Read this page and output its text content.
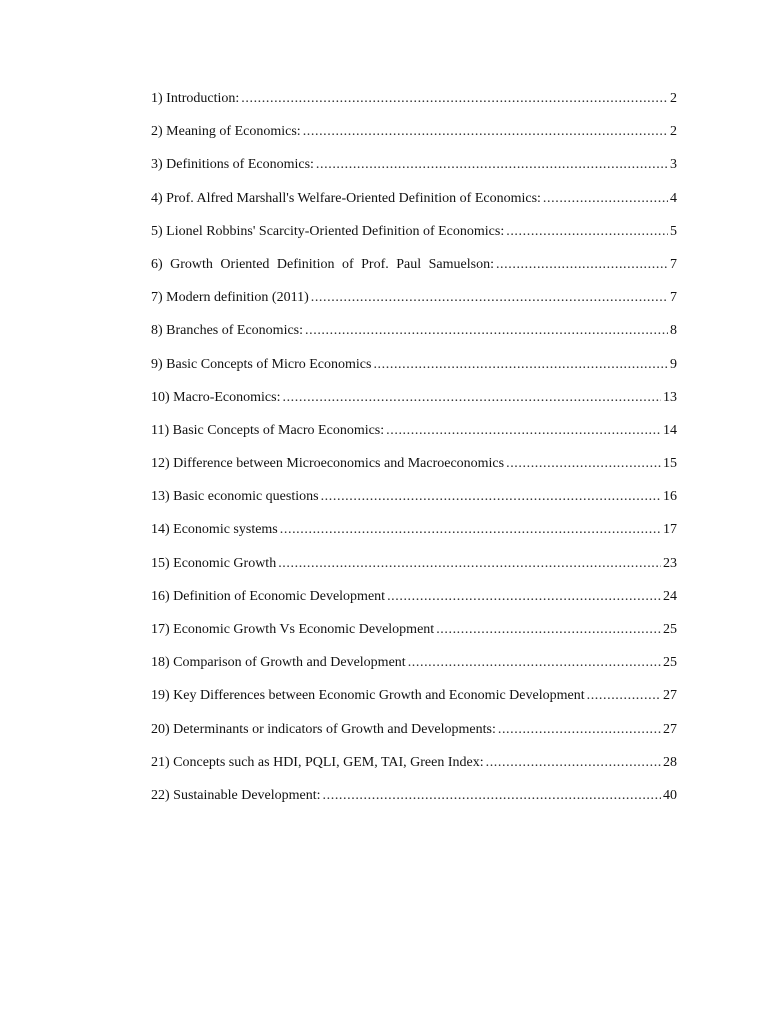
1) Introduction: .....	2
2) Meaning of Economics: .....	2
3) Definitions of Economics: .....	3
4) Prof. Alfred Marshall's Welfare-Oriented Definition of Economics: .....	4
5) Lionel Robbins' Scarcity-Oriented Definition of Economics: .....	5
6) Growth Oriented Definition of Prof. Paul Samuelson: .....	7
7) Modern definition (2011) .....	7
8) Branches of Economics: .....	8
9) Basic Concepts of Micro Economics .....	9
10) Macro-Economics: .....	13
11) Basic Concepts of Macro Economics: .....	14
12) Difference between Microeconomics and Macroeconomics .....	15
13) Basic economic questions .....	16
14) Economic systems .....	17
15) Economic Growth .....	23
16) Definition of Economic Development .....	24
17) Economic Growth Vs Economic Development .....	25
18) Comparison of Growth and Development .....	25
19) Key Differences between Economic Growth and Economic Development .....	27
20) Determinants or indicators of Growth and Developments: .....	27
21) Concepts such as HDI, PQLI, GEM, TAI, Green Index: .....	28
22) Sustainable Development: .....	40
